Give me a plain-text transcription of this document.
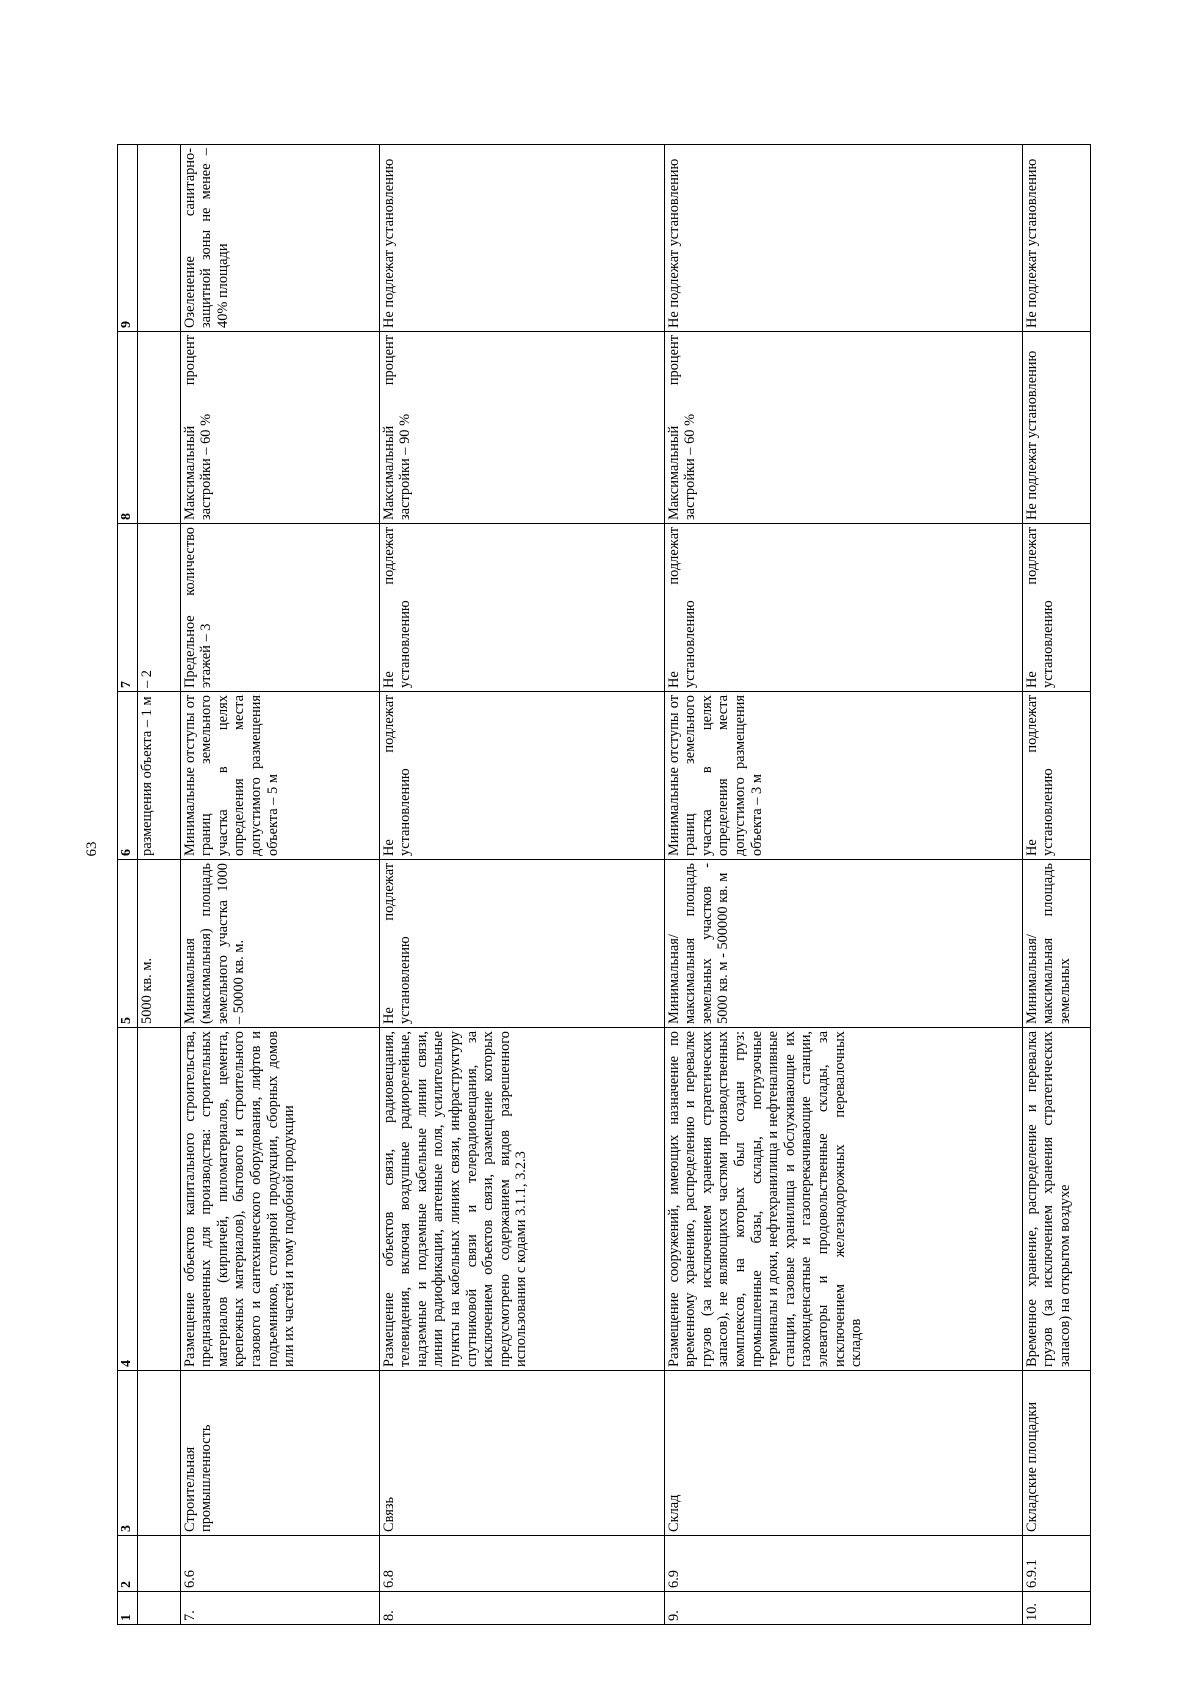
63
1	2	3	4	5	6	7	8	9
				5000 кв. м.	размещения объекта – 1 м	– 2		
7.	6.6	Строительная промышленность	Размещение объектов капитального строительства, предназначенных для производства: строительных материалов (кирпичей, пиломатериалов, цемента, крепежных материалов), бытового и строительного газового и сантехнического оборудования, лифтов и подъемников, столярной продукции, сборных домов или их частей и тому подобной продукции	Минимальная (максимальная) площадь земельного участка 1000 – 50000 кв. м.	Минимальные отступы от границ земельного участка в целях определения места допустимого размещения объекта – 5 м	Предельное количество этажей – 3	Максимальный процент застройки – 60 %	Озеленение санитарно-защитной зоны не менее – 40% площади
8.	6.8	Связь	Размещение объектов связи, радиовещания, телевидения, включая воздушные радиорелейные, надземные и подземные кабельные линии связи, линии радиофикации, антенные поля, усилительные пункты на кабельных линиях связи, инфраструктуру спутниковой связи и телерадиовещания, за исключением объектов связи, размещение которых предусмотрено содержанием видов разрешенного использования с кодами 3.1.1, 3.2.3	Не подлежат установлению	Не подлежат установлению	Не подлежат установлению	Максимальный процент застройки – 90 %	Не подлежат установлению
9.	6.9	Склад	Размещение сооружений, имеющих назначение по временному хранению, распределению и перевалке грузов (за исключением хранения стратегических запасов), не являющихся частями производственных комплексов, на которых был создан груз: промышленные базы, склады, погрузочные терминалы и доки, нефтехранилища и нефтеналивные станции, газовые хранилища и обслуживающие их газоконденсатные и газоперекачивающие станции, элеваторы и продовольственные склады, за исключением железнодорожных перевалочных складов	Минимальная/максимальная площадь земельных участков - 5000 кв. м - 500000 кв. м	Минимальные отступы от границ земельного участка в целях определения места допустимого размещения объекта – 3 м	Не подлежат установлению	Максимальный процент застройки – 60 %	Не подлежат установлению
10.	6.9.1	Складские площадки	Временное хранение, распределение и перевалка грузов (за исключением хранения стратегических запасов) на открытом воздухе	Минимальная/максимальная площадь земельных	Не подлежат установлению	Не подлежат установлению	Не подлежат установлению	Не подлежат установлению
